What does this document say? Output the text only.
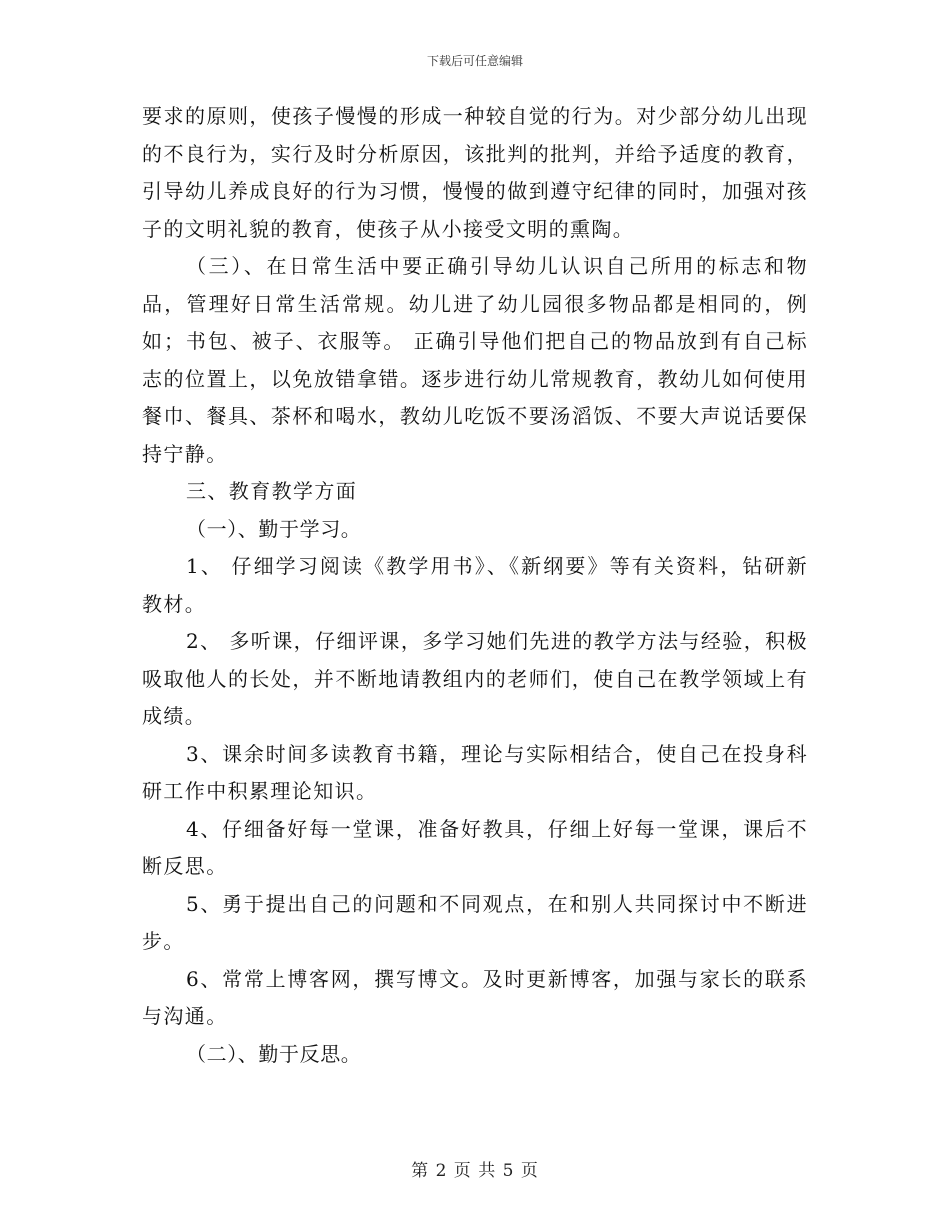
下载后可任意编辑

要求的原则，使孩子慢慢的形成一种较自觉的行为。对少部分幼儿出现的不良行为，实行及时分析原因，该批判的批判，并给予适度的教育，引导幼儿养成良好的行为习惯，慢慢的做到遵守纪律的同时，加强对孩子的文明礼貌的教育，使孩子从小接受文明的熏陶。

（三）、在日常生活中要正确引导幼儿认识自己所用的标志和物品，管理好日常生活常规。幼儿进了幼儿园很多物品都是相同的，例如；书包、被子、衣服等。 正确引导他们把自己的物品放到有自己标志的位置上，以免放错拿错。逐步进行幼儿常规教育，教幼儿如何使用餐巾、餐具、茶杯和喝水，教幼儿吃饭不要汤滔饭、不要大声说话要保持宁静。

三、教育教学方面

（一）、勤于学习。

1、 仔细学习阅读《教学用书》、《新纲要》等有关资料，钻研新教材。

2、 多听课，仔细评课，多学习她们先进的教学方法与经验，积极吸取他人的长处，并不断地请教组内的老师们，使自己在教学领域上有成绩。

3、课余时间多读教育书籍，理论与实际相结合，使自己在投身科研工作中积累理论知识。

4、仔细备好每一堂课，准备好教具，仔细上好每一堂课，课后不断反思。

5、勇于提出自己的问题和不同观点，在和别人共同探讨中不断进步。

6、常常上博客网，撰写博文。及时更新博客，加强与家长的联系与沟通。

（二）、勤于反思。

第 2 页 共 5 页
